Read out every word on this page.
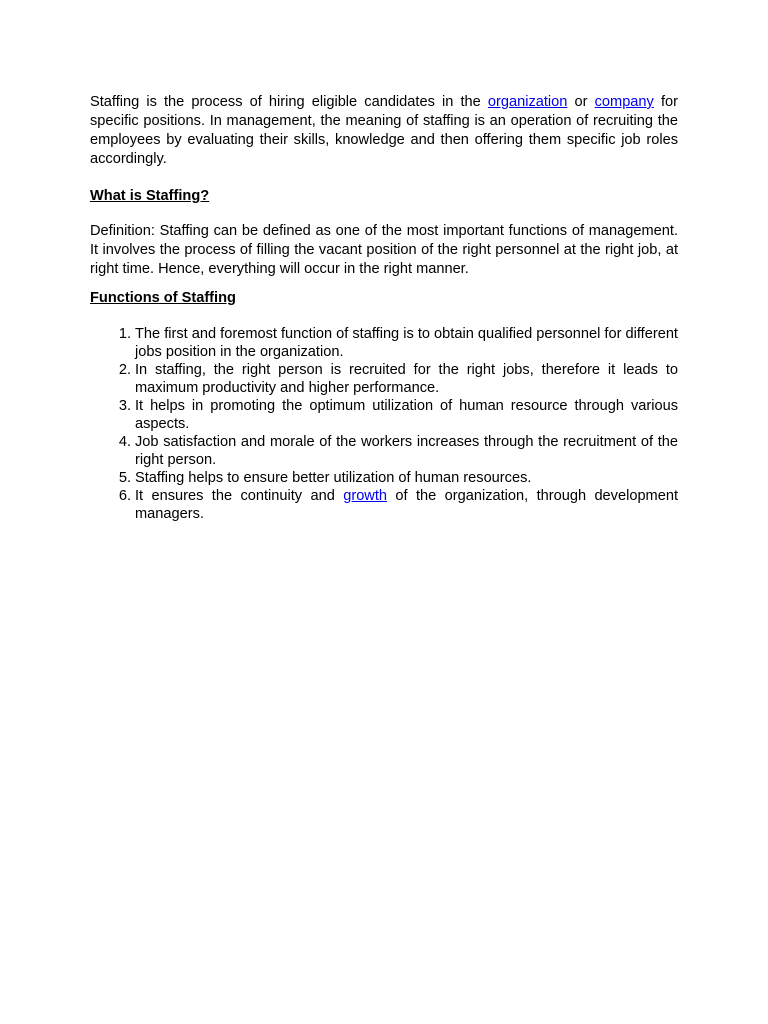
Staffing is the process of hiring eligible candidates in the organization or company for specific positions. In management, the meaning of staffing is an operation of recruiting the employees by evaluating their skills, knowledge and then offering them specific job roles accordingly.

What is Staffing?

Definition: Staffing can be defined as one of the most important functions of management. It involves the process of filling the vacant position of the right personnel at the right job, at right time. Hence, everything will occur in the right manner.

Functions of Staffing

1. The first and foremost function of staffing is to obtain qualified personnel for different jobs position in the organization.
2. In staffing, the right person is recruited for the right jobs, therefore it leads to maximum productivity and higher performance.
3. It helps in promoting the optimum utilization of human resource through various aspects.
4. Job satisfaction and morale of the workers increases through the recruitment of the right person.
5. Staffing helps to ensure better utilization of human resources.
6. It ensures the continuity and growth of the organization, through development managers.
